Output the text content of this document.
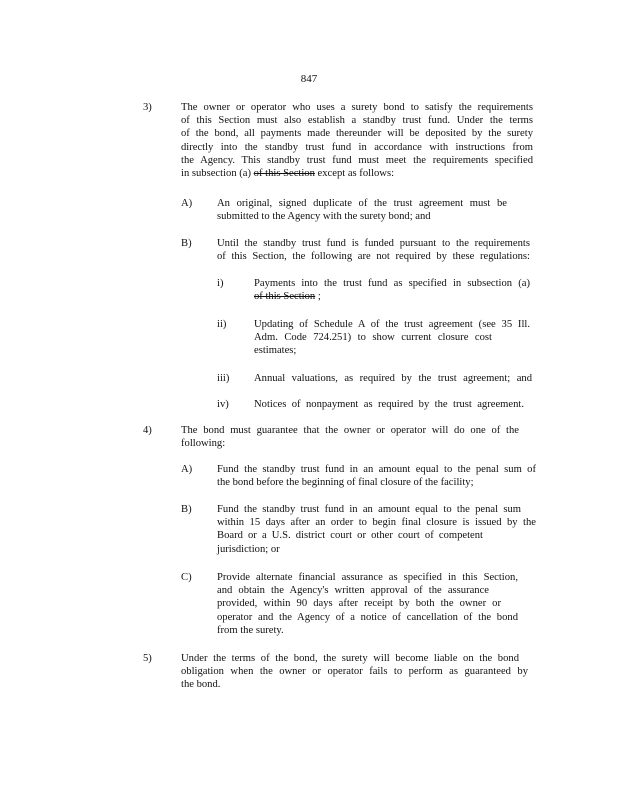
847
3)	The owner or operator who uses a surety bond to satisfy the requirements
of this Section must also establish a standby trust fund. Under the terms
of the bond, all payments made thereunder will be deposited by the surety
directly into the standby trust fund in accordance with instructions from
the Agency. This standby trust fund must meet the requirements specified
in subsection (a) of this Section except as follows:
A) An original, signed duplicate of the trust agreement must be
submitted to the Agency with the surety bond; and
B) Until the standby trust fund is funded pursuant to the requirements
of this Section, the following are not required by these regulations:
i)	Payments into the trust fund as specified in subsection (a)
of this Section ;
ii)	Updating of Schedule A of the trust agreement (see 35 Ill.
Adm. Code 724.251) to show current closure cost
estimates;
iii) Annual valuations, as required by the trust agreement; and
iv) Notices of nonpayment as required by the trust agreement.
4)	The bond must guarantee that the owner or operator will do one of the
following:
A) Fund the standby trust fund in an amount equal to the penal sum of
the bond before the beginning of final closure of the facility;
B) Fund the standby trust fund in an amount equal to the penal sum
within 15 days after an order to begin final closure is issued by the
Board or a U.S. district court or other court of competent
jurisdiction; or
C) Provide alternate financial assurance as specified in this Section,
and obtain the Agency's written approval of the assurance
provided, within 90 days after receipt by both the owner or
operator and the Agency of a notice of cancellation of the bond
from the surety.
5)	Under the terms of the bond, the surety will become liable on the bond
obligation when the owner or operator fails to perform as guaranteed by
the bond.
